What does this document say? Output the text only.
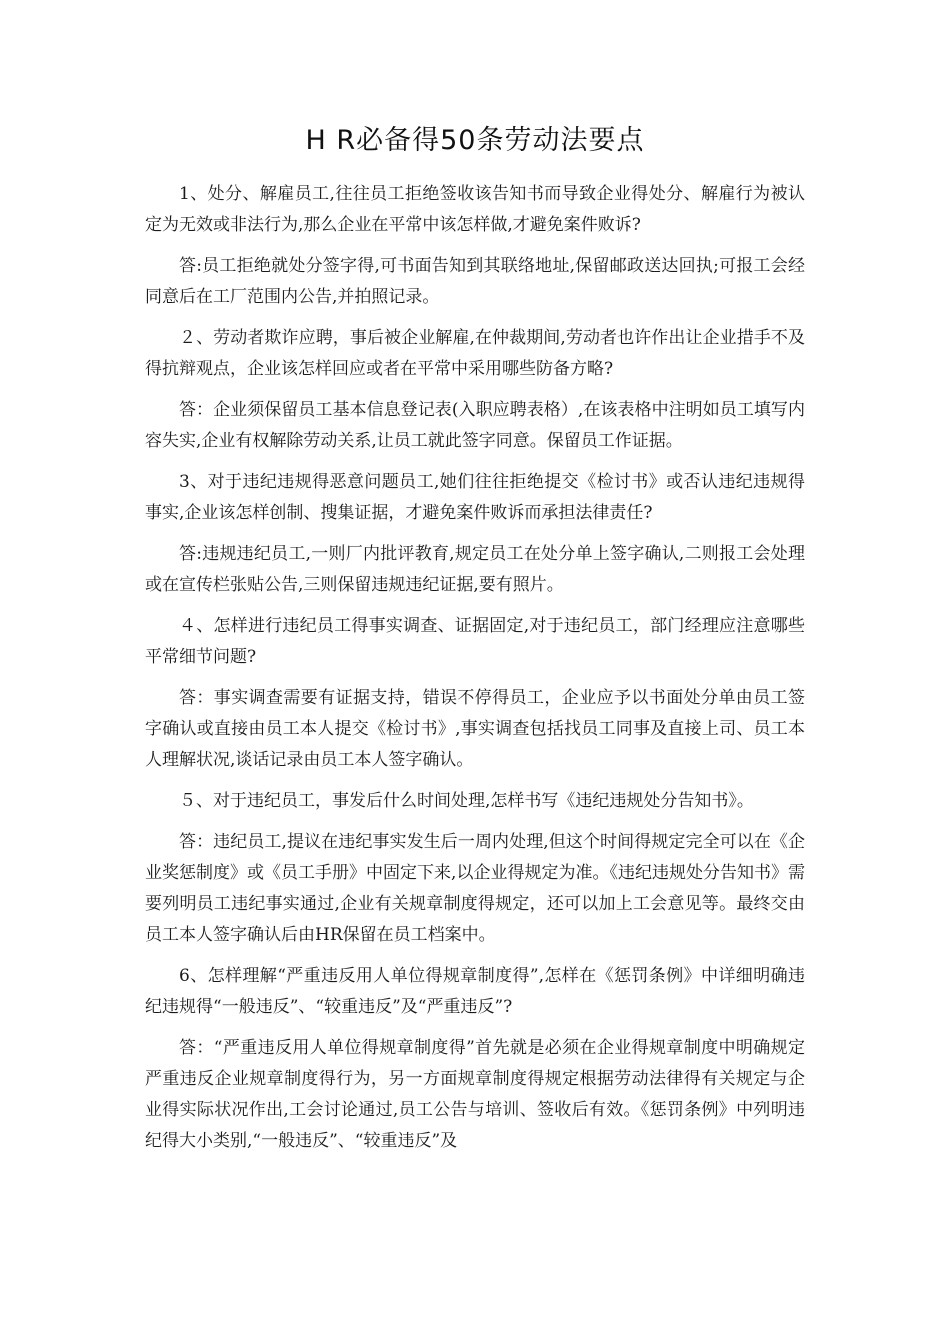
H R必备得50条劳动法要点

1、处分、解雇员工,往往员工拒绝签收该告知书而导致企业得处分、解雇行为被认定为无效或非法行为,那么企业在平常中该怎样做,才避免案件败诉?

答:员工拒绝就处分签字得,可书面告知到其联络地址,保留邮政送达回执;可报工会经同意后在工厂范围内公告,并拍照记录。

２、劳动者欺诈应聘，事后被企业解雇,在仲裁期间,劳动者也许作出让企业措手不及得抗辩观点，企业该怎样回应或者在平常中采用哪些防备方略?

答：企业须保留员工基本信息登记表(入职应聘表格）,在该表格中注明如员工填写内容失实,企业有权解除劳动关系,让员工就此签字同意。保留员工作证据。

3、对于违纪违规得恶意问题员工,她们往往拒绝提交《检讨书》或否认违纪违规得事实,企业该怎样创制、搜集证据，才避免案件败诉而承担法律责任?

答:违规违纪员工,一则厂内批评教育,规定员工在处分单上签字确认,二则报工会处理或在宣传栏张贴公告,三则保留违规违纪证据,要有照片。

４、怎样进行违纪员工得事实调查、证据固定,对于违纪员工，部门经理应注意哪些平常细节问题?

答：事实调查需要有证据支持，错误不停得员工，企业应予以书面处分单由员工签字确认或直接由员工本人提交《检讨书》,事实调查包括找员工同事及直接上司、员工本人理解状况,谈话记录由员工本人签字确认。

５、对于违纪员工，事发后什么时间处理,怎样书写《违纪违规处分告知书》。

答：违纪员工,提议在违纪事实发生后一周内处理,但这个时间得规定完全可以在《企业奖惩制度》或《员工手册》中固定下来,以企业得规定为准。《违纪违规处分告知书》需要列明员工违纪事实通过,企业有关规章制度得规定，还可以加上工会意见等。最终交由员工本人签字确认后由HR保留在员工档案中。

6、怎样理解“严重违反用人单位得规章制度得”,怎样在《惩罚条例》中详细明确违纪违规得“一般违反”、“较重违反”及“严重违反”?

答：“严重违反用人单位得规章制度得”首先就是必须在企业得规章制度中明确规定严重违反企业规章制度得行为，另一方面规章制度得规定根据劳动法律得有关规定与企业得实际状况作出,工会讨论通过,员工公告与培训、签收后有效。《惩罚条例》中列明违纪得大小类别,“一般违反”、“较重违反”及
